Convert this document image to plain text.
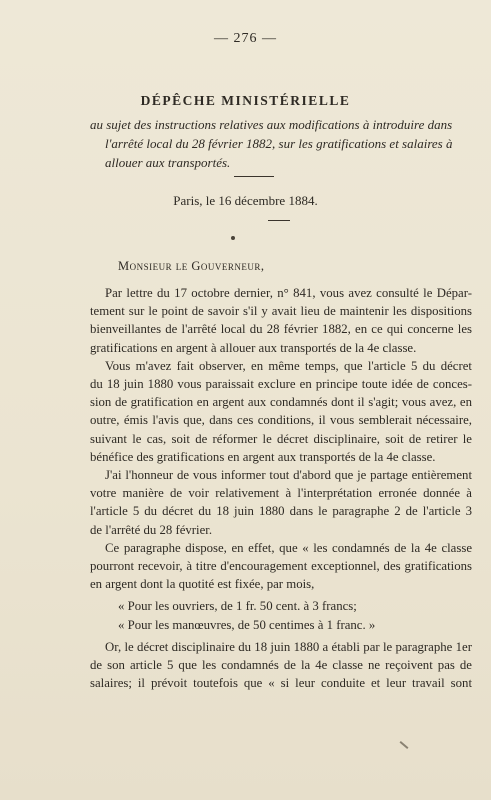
— 276 —
DÉPÊCHE MINISTÉRIELLE
au sujet des instructions relatives aux modifications à introduire dans
l'arrêté local du 28 février 1882, sur les gratifications et salaires à
allouer aux transportés.
Paris, le 16 décembre 1884.
Monsieur le Gouverneur,
Par lettre du 17 octobre dernier, n° 841, vous avez consulté le Dépar-
tement sur le point de savoir s'il y avait lieu de maintenir les dispositions
bienveillantes de l'arrêté local du 28 février 1882, en ce qui concerne les
gratifications en argent à allouer aux transportés de la 4e classe.
Vous m'avez fait observer, en même temps, que l'article 5 du décret
du 18 juin 1880 vous paraissait exclure en principe toute idée de conces-
sion de gratification en argent aux condamnés dont il s'agit; vous avez, en
outre, émis l'avis que, dans ces conditions, il vous semblerait nécessaire,
suivant le cas, soit de réformer le décret disciplinaire, soit de retirer le
bénéfice des gratifications en argent aux transportés de la 4e classe.
J'ai l'honneur de vous informer tout d'abord que je partage entièrement
votre manière de voir relativement à l'interprétation erronée donnée à
l'article 5 du décret du 18 juin 1880 dans le paragraphe 2 de l'article 3
de l'arrêté du 28 février.
Ce paragraphe dispose, en effet, que « les condamnés de la 4e classe
pourront recevoir, à titre d'encouragement exceptionnel, des gratifications
en argent dont la quotité est fixée, par mois,
« Pour les ouvriers, de 1 fr. 50 cent. à 3 francs;
« Pour les manœuvres, de 50 centimes à 1 franc. »
Or, le décret disciplinaire du 18 juin 1880 a établi par le paragraphe 1er
de son article 5 que les condamnés de la 4e classe ne reçoivent pas de
salaires; il prévoit toutefois que « si leur conduite et leur travail sont
